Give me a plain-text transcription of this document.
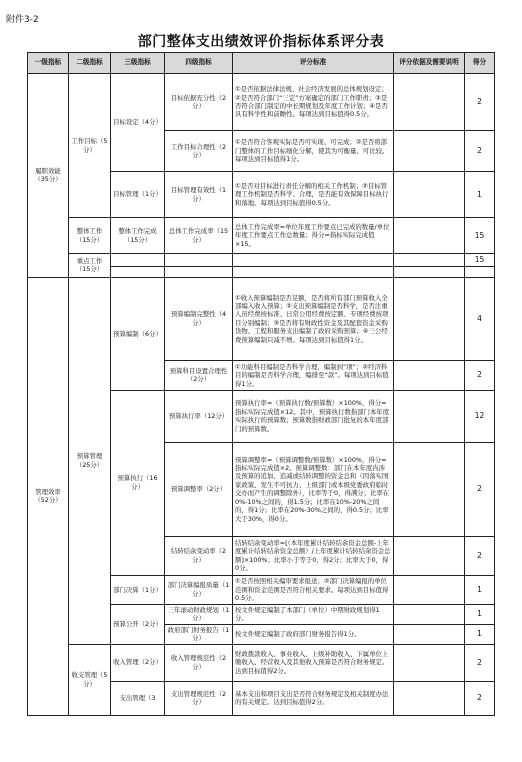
附件3-2
部门整体支出绩效评价指标体系评分表
一级指标	二级指标	三级指标	四级指标	评分标准	评分依据及需要说明	得分
履职效能（35分）	工作目标（5分）	目标设定（4分）	目标依据充分性（2分）	①是否依据法律法规、社会经济发展的总体规划设定；②是否符合部门“三定”方案确定的部门工作职责；③是否符合部门制定的中长期规划及年度工作计划；④是否具有科学性和前瞻性。每项达到目标值得0.5分。		2
			工作目标合理性（2分）	①是否符合客观实际是否可实现、可完成；②是否将部门整体的工作目标细化分解，使其为可衡量、可比较。每项达到目标值得1分。		2
		目标管理（1分）	目标管理有效性（1分）	①是否对目标进行责任分解的相关工作机制；②目标管理工作机制是否科学、合理，是否能有效保障目标执行和落地。每项达到目标值得0.5分。		1
	整体工作（15分）	整体工作完成（15分）	总体工作完成率（15分）	总体工作完成率=单位年度工作要点已完成的数量/单位年度工作要点工作总数量；得分=指标实际完成值×15。		15
	重点工作（15分）					15

管理效率（52分）	预算管理（25分）	预算编制（6分）	预算编制完整性（4分）	①收入预算编制是否足额，是否将所有部门预算收入全部编入收入预算；②支出预算编制是否科学，是否注重人员经费按标准、日常公用经费按定额、专项经费按项目分别编制；③是否将有财政性资金及其配套资金采购货物、工程和服务支出编制了政府采购预算；④三公经费预算编制只减不增。每项达到目标值得1分。		4
			预算科目设置合理性（2分）	①功能科目编制是否科学合理，编制到“项”；②经济科目的编制是否科学合理，编排至“款”。每项达到目标值得1分。		2
		预算执行（16分）	预算执行率（12分）	预算执行率=（预算执行数/预算数）×100%，得分=指标实际完成值×12。其中，预算执行数指部门本年度实际执行的预算数；预算数指财政部门批复的本年度部门的预算数。		12
			预算调整率（2分）	预算调整率=（预算调整数/预算数）×100%，得分=指标实际完成值×2。预算调整数：部门在本年度内涉及预算的追加、追减或结转调整的资金总和（因落实国家政策、发生不可抗力、上级部门或本级党委政府临时交办而产生的调整除外），比率等于0，得满分；比率在0%-10%之间的，得1.5分；比率在10%-20%之间的，得1分；比率在20%-30%之间的，得0.5分；比率大于30%，得0分。		2
			结转结余变动率（2分）	结转结余变动率=[（本年度累计结转结余资金总额-上年度累计结转结余资金总额）/上年度累计结转结余资金总额]×100%；比率小于等于0，得2分；比率大于0，得0分。		2
		部门决算（1分）	部门决算编报质量（1分）	①是否按照相关编审要求报送；②部门决算编报的单位范围和资金范围是否符合相关要求。每项达到目标值得0.5分。		1
		预算公开（2分）	三年滚动财政规划（1分）	按文件规定编制了本部门（单位）中期财政规划得1分。		1
			政府部门财务报告（1分）	按文件规定编制了政府部门财务报告得1分。		1
	收支管理（5分）	收入管理（2分）	收入管理规范性（2分）	财政拨款收入、事业收入、上级补助收入、下属单位上缴收入、经营收入及其他收入预算是否符合财务规定。达到目标值得2分。		2
		支出管理（3	支出管理规范性（2分）	基本支出和项目支出是否符合财务规定及相关制度办法的有关规定。达到目标值得2分。		2
